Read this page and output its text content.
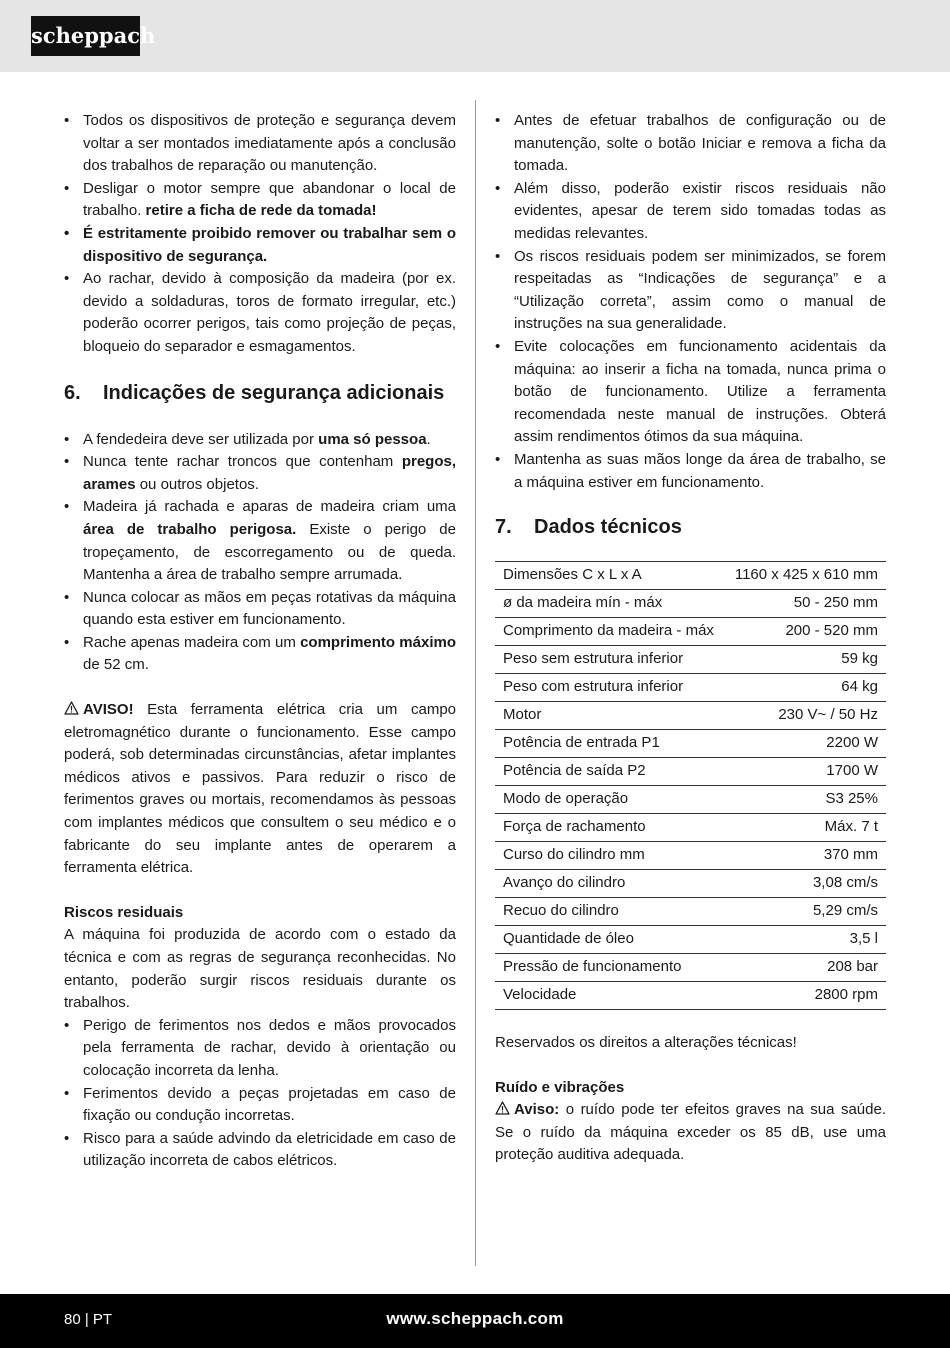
scheppach
• Todos os dispositivos de proteção e segurança devem voltar a ser montados imediatamente após a conclusão dos trabalhos de reparação ou manutenção.
• Desligar o motor sempre que abandonar o local de trabalho. retire a ficha de rede da tomada!
• É estritamente proibido remover ou trabalhar sem o dispositivo de segurança.
• Ao rachar, devido à composição da madeira (por ex. devido a soldaduras, toros de formato irregular, etc.) poderão ocorrer perigos, tais como projeção de peças, bloqueio do separador e esmagamentos.
6.	Indicações de segurança adicionais
• A fendedeira deve ser utilizada por uma só pessoa.
• Nunca tente rachar troncos que contenham pregos, arames ou outros objetos.
• Madeira já rachada e aparas de madeira criam uma área de trabalho perigosa. Existe o perigo de tropeçamento, de escorregamento ou de queda. Mantenha a área de trabalho sempre arrumada.
• Nunca colocar as mãos em peças rotativas da máquina quando esta estiver em funcionamento.
• Rache apenas madeira com um comprimento máximo de 52 cm.

AVISO! Esta ferramenta elétrica cria um campo eletromagnético durante o funcionamento. Esse campo poderá, sob determinadas circunstâncias, afetar implantes médicos ativos e passivos. Para reduzir o risco de ferimentos graves ou mortais, recomendamos às pessoas com implantes médicos que consultem o seu médico e o fabricante do seu implante antes de operarem a ferramenta elétrica.

Riscos residuais

A máquina foi produzida de acordo com o estado da técnica e com as regras de segurança reconhecidas. No entanto, poderão surgir riscos residuais durante os trabalhos.

• Perigo de ferimentos nos dedos e mãos provocados pela ferramenta de rachar, devido à orientação ou colocação incorreta da lenha.
• Ferimentos devido a peças projetadas em caso de fixação ou condução incorretas.
• Risco para a saúde advindo da eletricidade em caso de utilização incorreta de cabos elétricos.
• Antes de efetuar trabalhos de configuração ou de manutenção, solte o botão Iniciar e remova a ficha da tomada.
• Além disso, poderão existir riscos residuais não evidentes, apesar de terem sido tomadas todas as medidas relevantes.
• Os riscos residuais podem ser minimizados, se forem respeitadas as “Indicações de segurança” e a “Utilização correta”, assim como o manual de instruções na sua generalidade.
• Evite colocações em funcionamento acidentais da máquina: ao inserir a ficha na tomada, nunca prima o botão de funcionamento. Utilize a ferramenta recomendada neste manual de instruções. Obterá assim rendimentos ótimos da sua máquina.
• Mantenha as suas mãos longe da área de trabalho, se a máquina estiver em funcionamento.
7.	Dados técnicos
Dimensões C x L x A	1160 x 425 x 610 mm
ø da madeira mín - máx	50 - 250 mm
Comprimento da madeira - máx	200 - 520 mm
Peso sem estrutura inferior	59 kg
Peso com estrutura inferior	64 kg
Motor	230 V~ / 50 Hz
Potência de entrada P1	2200 W
Potência de saída P2	1700 W
Modo de operação	S3 25%
Força de rachamento	Máx. 7 t
Curso do cilindro mm	370 mm
Avanço do cilindro	3,08 cm/s
Recuo do cilindro	5,29 cm/s
Quantidade de óleo	3,5 l
Pressão de funcionamento	208 bar
Velocidade	2800 rpm

Reservados os direitos a alterações técnicas!

Ruído e vibrações

Aviso: o ruído pode ter efeitos graves na sua saúde. Se o ruído da máquina exceder os 85 dB, use uma proteção auditiva adequada.

80 | PT	www.scheppach.com
